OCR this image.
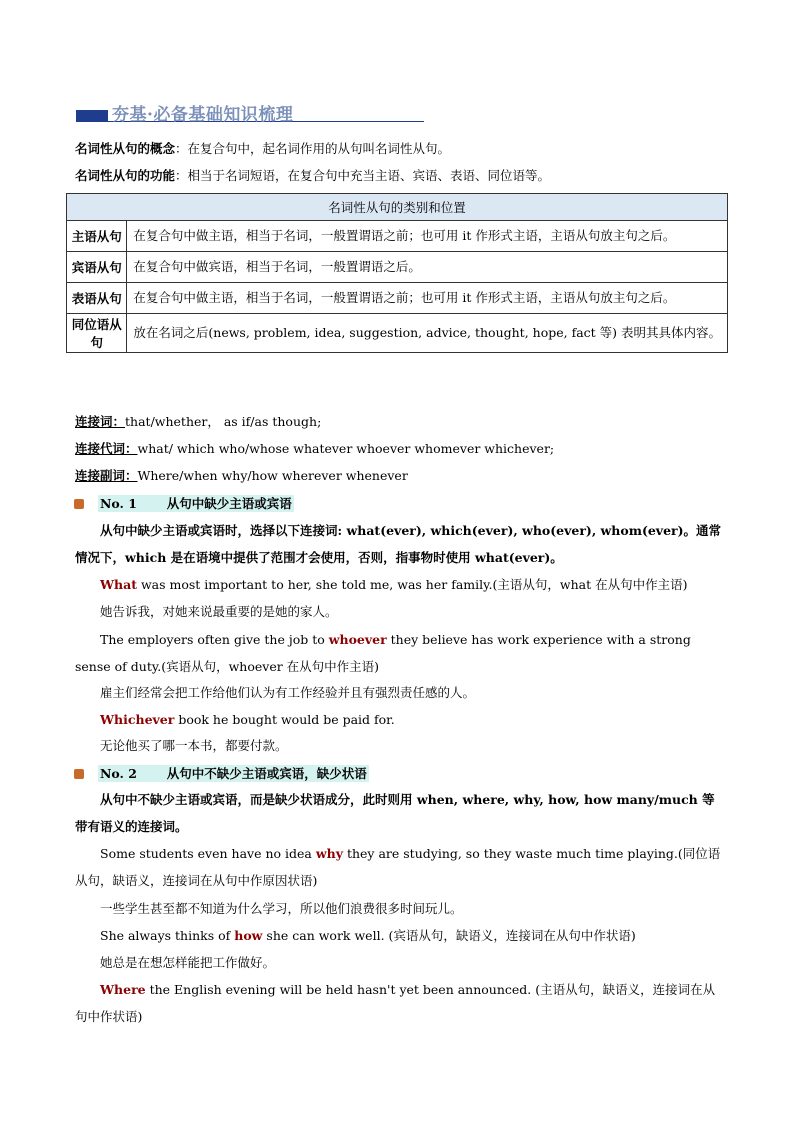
夯基·必备基础知识梳理
名词性从句的概念：在复合句中，起名词作用的从句叫名词性从句。
名词性从句的功能：相当于名词短语，在复合句中充当主语、宾语、表语、同位语等。
名词性从句的类别和位置	
主语从句	在复合句中做主语，相当于名词，一般置谓语之前；也可用 it 作形式主语，主语从句放主句之后。
宾语从句	在复合句中做宾语，相当于名词，一般置谓语之后。
表语从句	在复合句中做主语，相当于名词，一般置谓语之前；也可用 it 作形式主语，主语从句放主句之后。
同位语从句	放在名词之后(news, problem, idea, suggestion, advice, thought, hope, fact 等) 表明其具体内容。
连接词：that/whether， as if/as though;
连接代词：what/ which who/whose whatever whoever whomever whichever;
连接副词：Where/when why/how wherever whenever
No. 1 从句中缺少主语或宾语
从句中缺少主语或宾语时，选择以下连接词: what(ever), which(ever), who(ever), whom(ever)。通常情况下，which 是在语境中提供了范围才会使用，否则，指事物时使用 what(ever)。
What was most important to her, she told me, was her family.(主语从句，what 在从句中作主语)
她告诉我，对她来说最重要的是她的家人。
The employers often give the job to whoever they believe has work experience with a strong sense of duty.(宾语从句，whoever 在从句中作主语)
雇主们经常会把工作给他们认为有工作经验并且有强烈责任感的人。
Whichever book he bought would be paid for.
无论他买了哪一本书，都要付款。
No. 2 从句中不缺少主语或宾语，缺少状语
从句中不缺少主语或宾语，而是缺少状语成分，此时则用 when, where, why, how, how many/much 等带有语义的连接词。
Some students even have no idea why they are studying, so they waste much time playing.(同位语从句，缺语义，连接词在从句中作原因状语)
一些学生甚至都不知道为什么学习，所以他们浪费很多时间玩儿。
She always thinks of how she can work well. (宾语从句，缺语义，连接词在从句中作状语)
她总是在想怎样能把工作做好。
Where the English evening will be held hasn't yet been announced. (主语从句，缺语义，连接词在从句中作状语)
